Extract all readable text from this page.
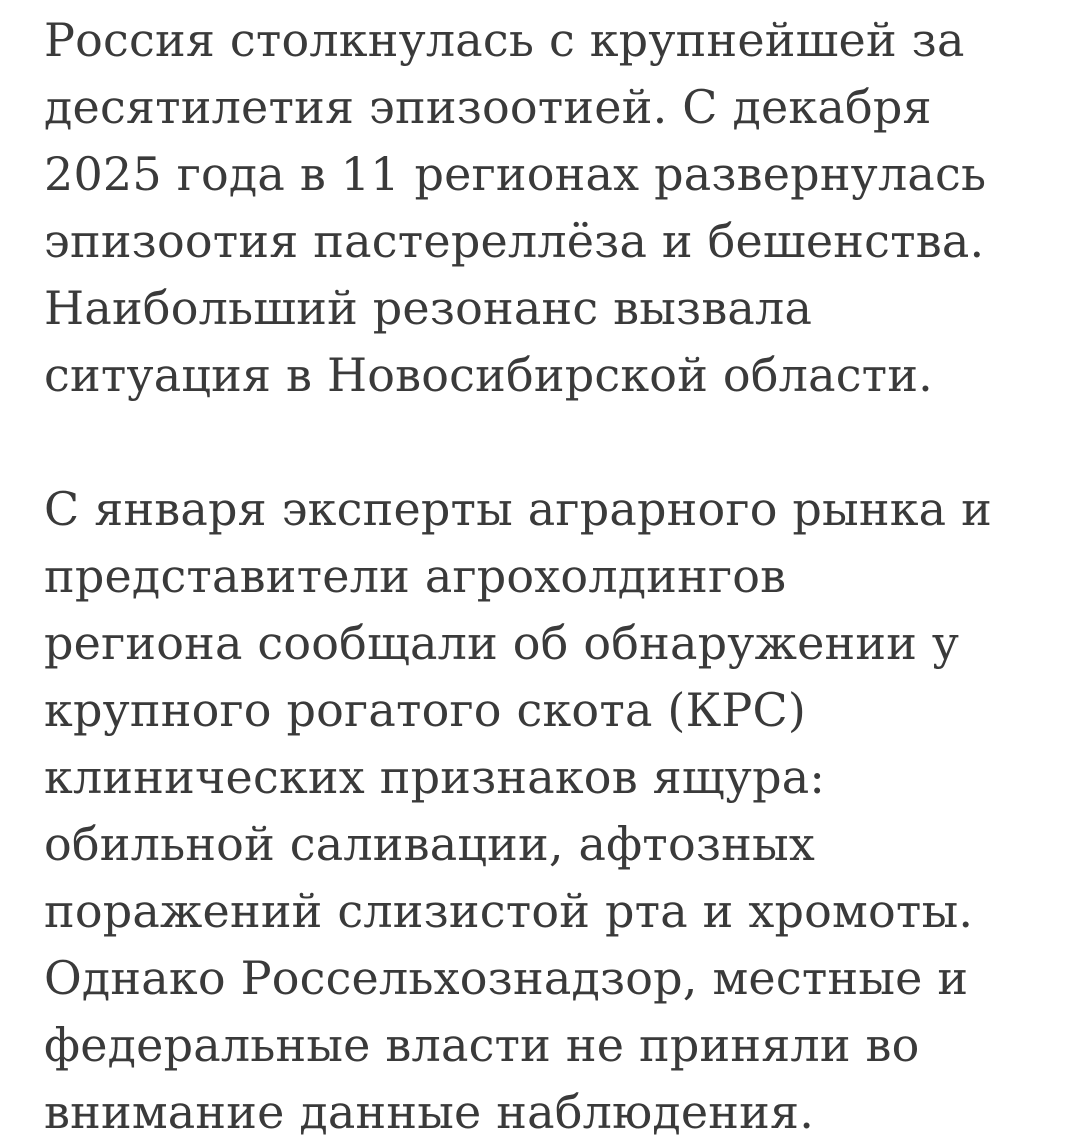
Россия столкнулась с крупнейшей за
десятилетия эпизоотией. С декабря
2025 года в 11 регионах развернулась
эпизоотия пастереллёза и бешенства.
Наибольший резонанс вызвала
ситуация в Новосибирской области.
С января эксперты аграрного рынка и
представители агрохолдингов
региона сообщали об обнаружении у
крупного рогатого скота (КРС)
клинических признаков ящура:
обильной саливации, афтозных
поражений слизистой рта и хромоты.
Однако Россельхознадзор, местные и
федеральные власти не приняли во
внимание данные наблюдения.
